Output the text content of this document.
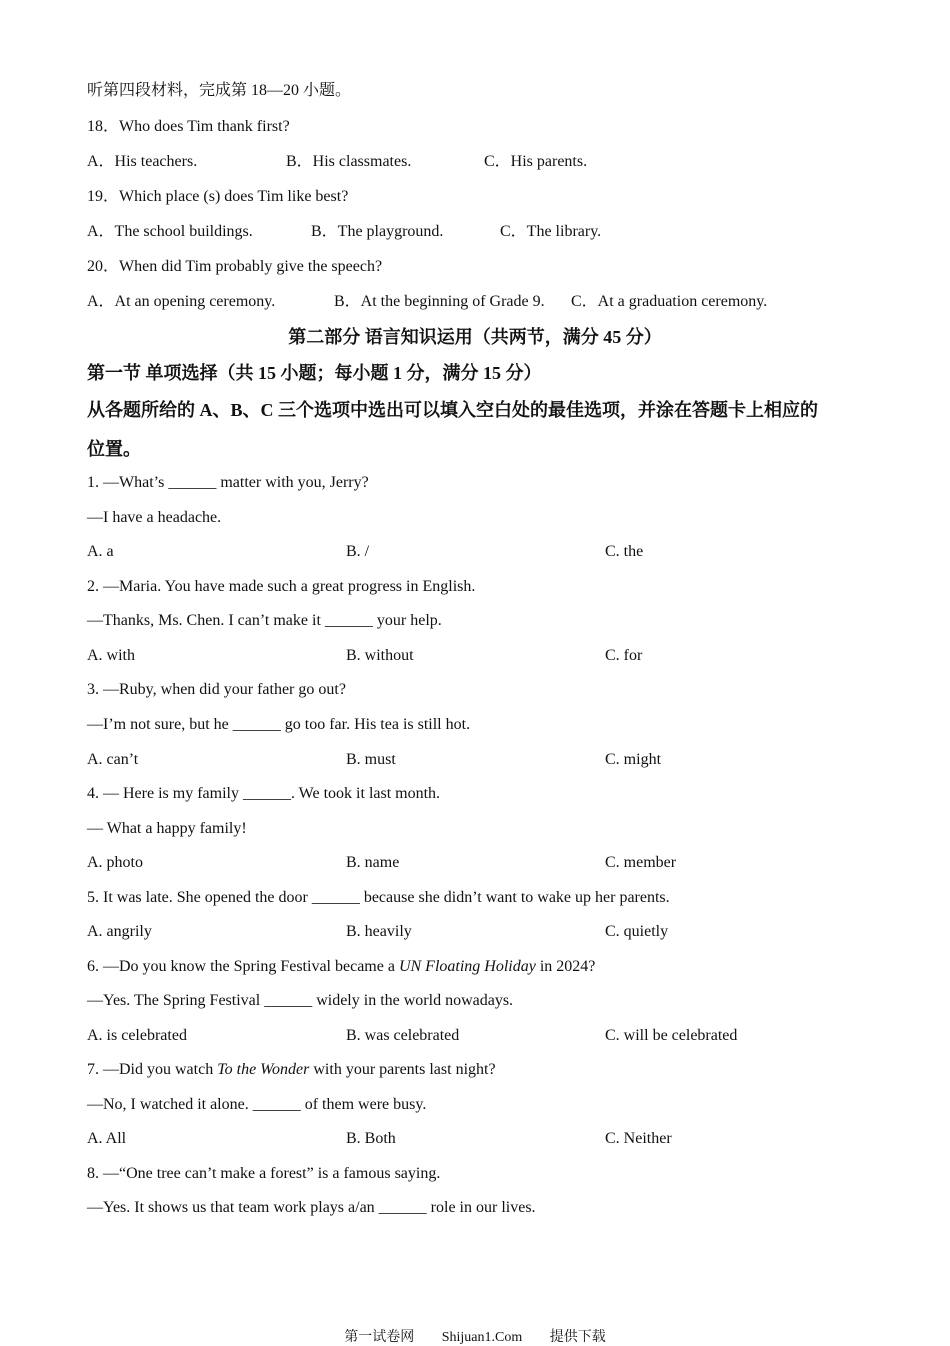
听第四段材料，完成第 18—20 小题。
18．Who does Tim thank first?
A．His teachers.	B．His classmates.	C．His parents.
19．Which place (s) does Tim like best?
A．The school buildings.	B．The playground.	C．The library.
20．When did Tim probably give the speech?
A．At an opening ceremony.	B．At the beginning of Grade 9. C．At a graduation ceremony.
第二部分 语言知识运用（共两节，满分 45 分）
第一节 单项选择（共 15 小题；每小题 1 分，满分 15 分）
从各题所给的 A、B、C 三个选项中选出可以填入空白处的最佳选项，并涂在答题卡上相应的
位置。
1. —What’s ______ matter with you, Jerry?
—I have a headache.
A. a	B. /	C. the
2. —Maria. You have made such a great progress in English.
—Thanks, Ms. Chen. I can’t make it ______ your help.
A. with	B. without	C. for
3. —Ruby, when did your father go out?
—I’m not sure, but he ______ go too far. His tea is still hot.
A. can’t	B. must	C. might
4. — Here is my family ______. We took it last month.
— What a happy family!
A. photo	B. name	C. member
5. It was late. She opened the door ______ because she didn’t want to wake up her parents.
A. angrily	B. heavily	C. quietly
6. —Do you know the Spring Festival became a UN Floating Holiday in 2024?
—Yes. The Spring Festival ______ widely in the world nowadays.
A. is celebrated	B. was celebrated	C. will be celebrated
7. —Did you watch To the Wonder with your parents last night?
—No, I watched it alone. ______ of them were busy.
A. All	B. Both	C. Neither
8. —“One tree can’t make a forest” is a famous saying.
—Yes. It shows us that team work plays a/an ______ role in our lives.
第一试卷网 Shijuan1.Com 提供下载
